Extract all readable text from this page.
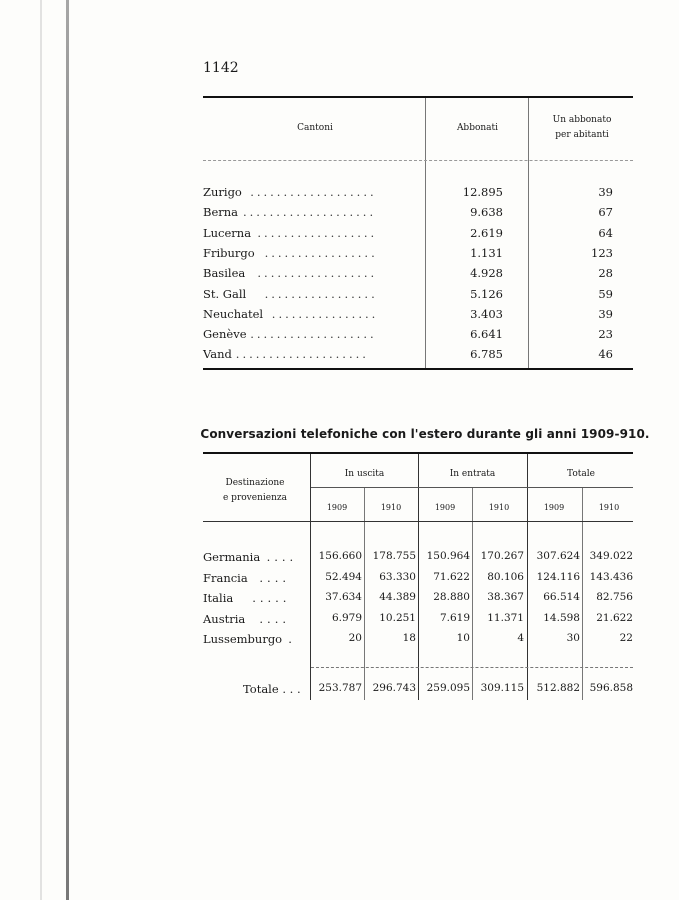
1142
Cantoni	Abbonati
Un abbonato
per abitanti
Zurigo ...................	12.895	39
Berna ....................	9.638	67
Lucerna ..................	2.619	64
Friburgo .................	1.131	123
Basilea ..................	4.928	28
St. Gall .................	5.126	59
Neuchatel ................	3.403	39
Genève ...................	6.641	23
Vand ....................	6.785	46
Conversazioni telefoniche con l'estero durante gli anni 1909-910.
Destinazione
e provenienza
In uscita	In entrata	Totale
1909	1910	1909	1910	1909	1910
....
Germania	156.660 178.755 150.964 170.267 307.624 349.022
....
Francia	52.494 63.330 71.622 80.106 124.116 143.436
.....
Italia	37.634 44.389 28.880 38.367 66.514 82.756
....
Austria	6.979 10.251 7.619 11.371 14.598 21.622
.
Lussemburgo	20	18	10	4	30	22
Totale . . . 253.787 296.743 259.095 309.115 512.882 596.858
